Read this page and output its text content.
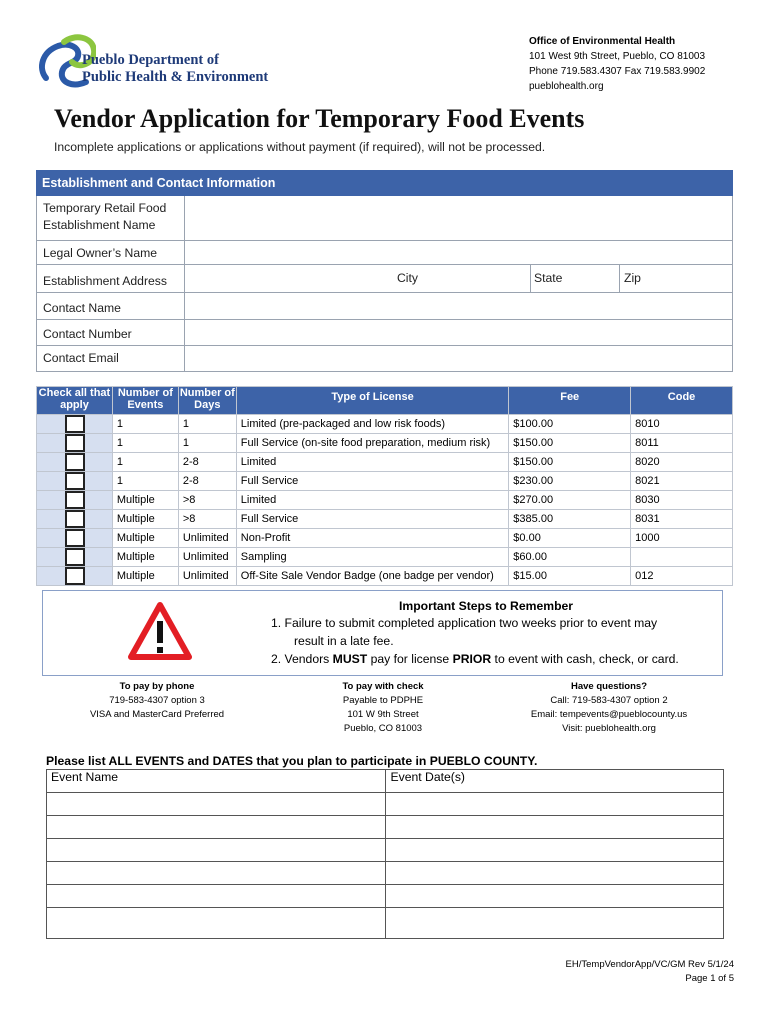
Pueblo Department of
Public Health & Environment
Office of Environmental Health
101 West 9th Street, Pueblo, CO 81003
Phone 719.583.4307 Fax 719.583.9902
pueblohealth.org
Vendor Application for Temporary Food Events
Incomplete applications or applications without payment (if required), will not be processed.
Establishment and Contact Information
Temporary Retail Food
Establishment Name
Legal Owner’s Name
Establishment Address	City	State	Zip
Contact Name
Contact Number
Contact Email
Check all that apply	Number of Events	Number of Days	Type of License	Fee	Code

	1	1	Limited (pre-packaged and low risk foods)	$100.00	8010

	1	1	Full Service (on-site food preparation, medium risk)	$150.00	8011

	1	2-8	Limited	$150.00	8020

	1	2-8	Full Service	$230.00	8021

	Multiple	>8	Limited	$270.00	8030

	Multiple	>8	Full Service	$385.00	8031

	Multiple	Unlimited	Non-Profit	$0.00	1000

	Multiple	Unlimited	Sampling	$60.00	

	Multiple	Unlimited	Off-Site Sale Vendor Badge (one badge per vendor)	$15.00	012
Important Steps to Remember
1. Failure to submit completed application two weeks prior to event may
result in a late fee.
2. Vendors MUST pay for license PRIOR to event with cash, check, or card.
To pay by phone
719-583-4307 option 3
VISA and MasterCard Preferred
To pay with check
Payable to PDPHE
101 W 9th Street
Pueblo, CO 81003
Have questions?
Call: 719-583-4307 option 2
Email: tempevents@pueblocounty.us
Visit: pueblohealth.org
Please list ALL EVENTS and DATES that you plan to participate in PUEBLO COUNTY.
Event Name	Event Date(s)

EH/TempVendorApp/VC/GM Rev 5/1/24
Page 1 of 5
